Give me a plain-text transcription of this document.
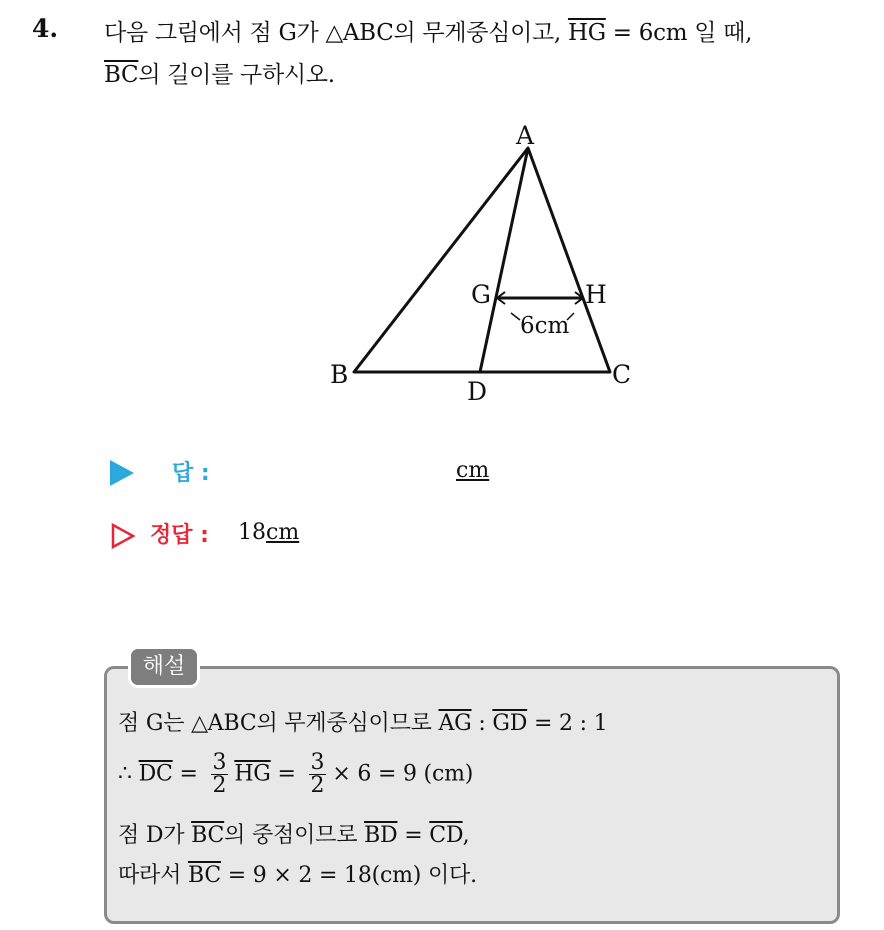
4. 다음 그림에서 점 G가 △ABC의 무게중심이고, $\overline{HG} = 6cm$ 일 때,
$\overline{BC}$의 길이를 구하시오.
A
B	C
D
G	H
6cm
답 :	cm
정답 : 18cm
해설
점 G는 △ABC의 무게중심이므로 $\overline{AG}$ : $\overline{GD} = 2$ : 1
∴ $\overline{DC} = \frac{3}{2} \overline{HG} = \frac{3}{2} \times 6 = 9$ (cm)
점 D가 $\overline{BC}$의 중점이므로 $\overline{BD} = \overline{CD}$,
따라서 $\overline{BC} = 9 \times 2 = 18(cm)$ 이다.
